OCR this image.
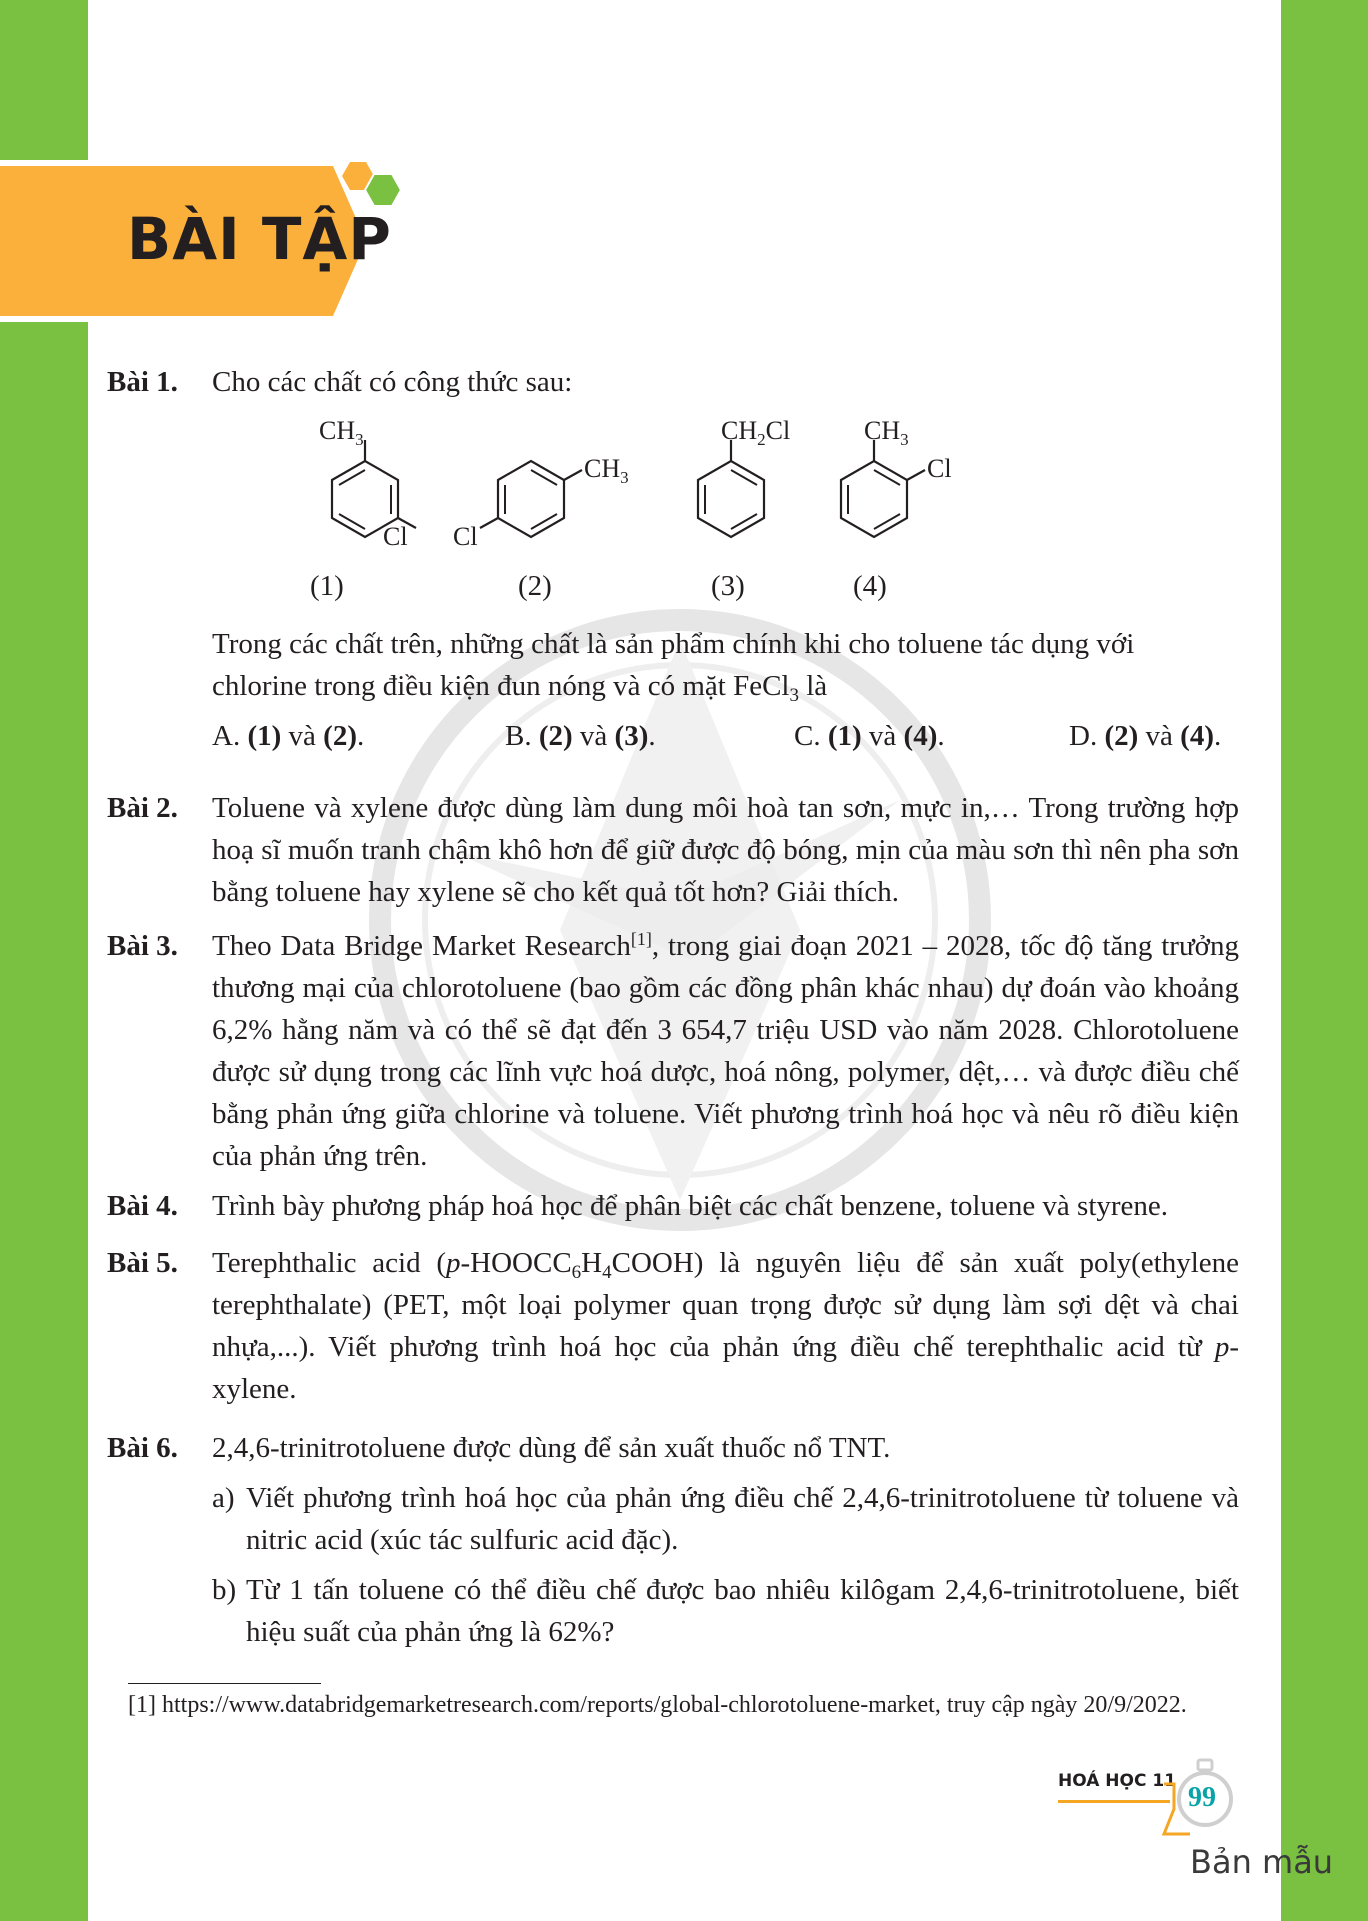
BÀI TẬP
Bài 1. Cho các chất có công thức sau:
$CH_3$
Cl
$CH_3$
Cl
$CH_2Cl$	$CH_3$
Cl
(1)	(2)	(3)	(4)
Trong các chất trên, những chất là sản phẩm chính khi cho toluene tác dụng với
chlorine trong điều kiện đun nóng và có mặt FeCl$_3$ là
A. (1) và (2).	B. (2) và (3).	C. (1) và (4).	D. (2) và (4).
Bài 2. Toluene và xylene được dùng làm dung môi hoà tan sơn, mực in,… Trong trường hợp hoạ sĩ muốn tranh chậm khô hơn để giữ được độ bóng, mịn của màu sơn thì nên pha sơn bằng toluene hay xylene sẽ cho kết quả tốt hơn? Giải thích.
Bài 3. Theo Data Bridge Market Research[1], trong giai đoạn 2021 – 2028, tốc độ tăng trưởng thương mại của chlorotoluene (bao gồm các đồng phân khác nhau) dự đoán vào khoảng 6,2% hằng năm và có thể sẽ đạt đến 3 654,7 triệu USD vào năm 2028. Chlorotoluene được sử dụng trong các lĩnh vực hoá dược, hoá nông, polymer, dệt,… và được điều chế bằng phản ứng giữa chlorine và toluene. Viết phương trình hoá học và nêu rõ điều kiện của phản ứng trên.
Bài 4. Trình bày phương pháp hoá học để phân biệt các chất benzene, toluene và styrene.
Bài 5. Terephthalic acid $(p-HOOCC_6H_4COOH)$ là nguyên liệu để sản xuất poly(ethylene terephthalate) (PET, một loại polymer quan trọng được sử dụng làm sợi dệt và chai nhựa,...). Viết phương trình hoá học của phản ứng điều chế terephthalic acid từ p-xylene.
Bài 6. 2,4,6-trinitrotoluene được dùng để sản xuất thuốc nổ TNT.
a) Viết phương trình hoá học của phản ứng điều chế 2,4,6-trinitrotoluene từ toluene và nitric acid (xúc tác sulfuric acid đặc).
b) Từ 1 tấn toluene có thể điều chế được bao nhiêu kilôgam 2,4,6-trinitrotoluene, biết hiệu suất của phản ứng là 62%?
[1] https://www.databridgemarketresearch.com/reports/global-chlorotoluene-market, truy cập ngày 20/9/2022.
HOÁ HỌC 11
99
Bản mẫu
